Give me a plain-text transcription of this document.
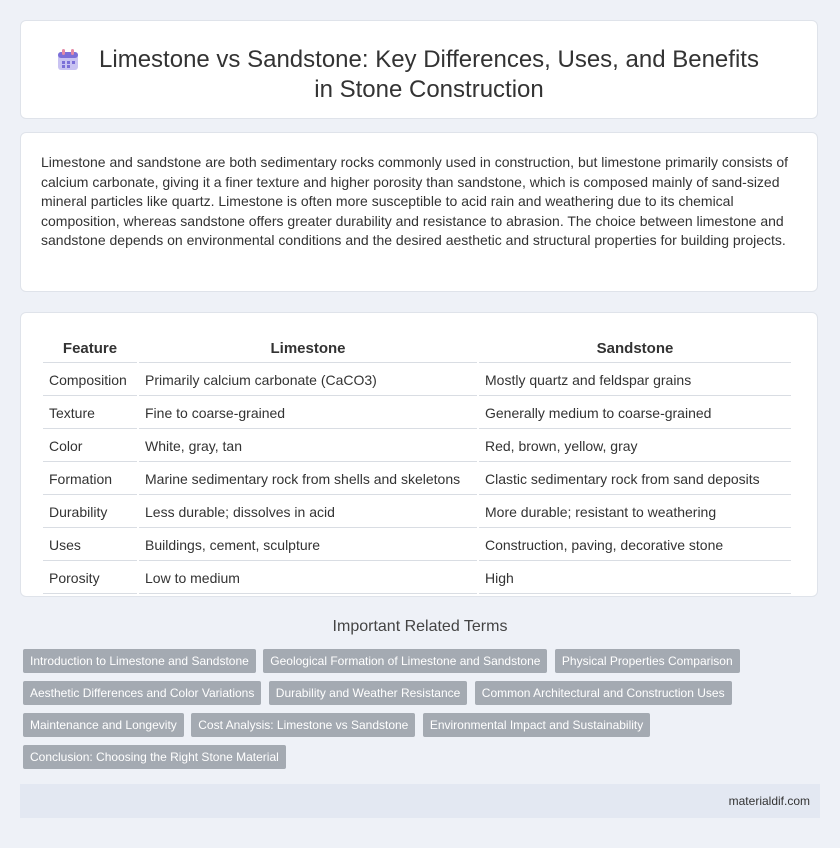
Limestone vs Sandstone: Key Differences, Uses, and Benefits in Stone Construction

Limestone and sandstone are both sedimentary rocks commonly used in construction, but limestone primarily consists of calcium carbonate, giving it a finer texture and higher porosity than sandstone, which is composed mainly of sand-sized mineral particles like quartz. Limestone is often more susceptible to acid rain and weathering due to its chemical composition, whereas sandstone offers greater durability and resistance to abrasion. The choice between limestone and sandstone depends on environmental conditions and the desired aesthetic and structural properties for building projects.

Feature	Limestone	Sandstone
Composition	Primarily calcium carbonate (CaCO3)	Mostly quartz and feldspar grains
Texture	Fine to coarse-grained	Generally medium to coarse-grained
Color	White, gray, tan	Red, brown, yellow, gray
Formation	Marine sedimentary rock from shells and skeletons	Clastic sedimentary rock from sand deposits
Durability	Less durable; dissolves in acid	More durable; resistant to weathering
Uses	Buildings, cement, sculpture	Construction, paving, decorative stone
Porosity	Low to medium	High
Important Related Terms
Introduction to Limestone and Sandstone Geological Formation of Limestone and Sandstone Physical Properties Comparison Aesthetic Differences and Color Variations Durability and Weather Resistance Common Architectural and Construction Uses Maintenance and Longevity Cost Analysis: Limestone vs Sandstone Environmental Impact and Sustainability Conclusion: Choosing the Right Stone Material
materialdif.com
